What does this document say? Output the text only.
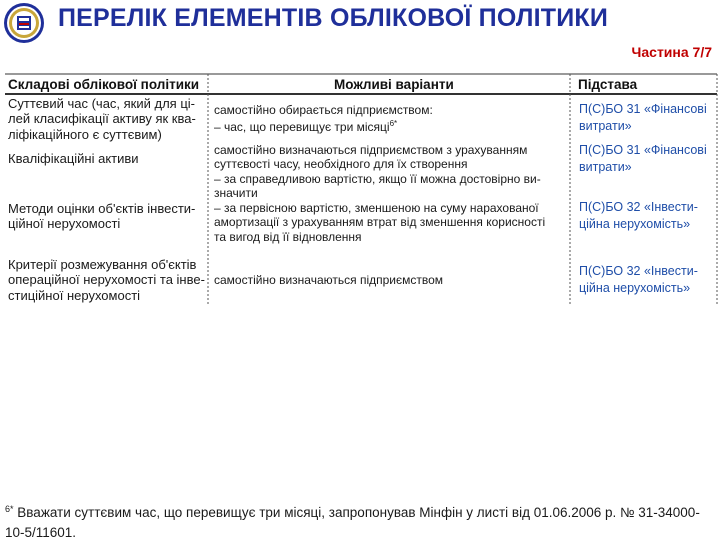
ПЕРЕЛІК ЕЛЕМЕНТІВ ОБЛІКОВОЇ ПОЛІТИКИ
Частина 7/7
Складові облікової політики	Можливі варіанти	Підстава
Суттєвий час (час, який для ці-
лей класифікації активу як ква-
ліфікаційного є суттєвим)
самостійно обирається підприємством:
– час, що перевищує три місяці$^{6*}$
П(С)БО 31 «Фінансові
витрати»
Кваліфікаційні активи
самостійно визначаються підприємством з урахуванням
суттєвості часу, необхідного для їх створення
П(С)БО 31 «Фінансові
витрати»
Методи оцінки об'єктів інвести-
ційної нерухомості
– за справедливою вартістю, якщо її можна достовірно ви-
значити
– за первісною вартістю, зменшеною на суму нарахованої
амортизації з урахуванням втрат від зменшення корисності
та вигод від її відновлення
П(С)БО 32 «Інвести-
ційна нерухомість»
Критерії розмежування об'єктів
операційної нерухомості та інве-
стиційної нерухомості
самостійно визначаються підприємством
П(С)БО 32 «Інвести-
ційна нерухомість»
$^{6*}$ Вважати суттєвим час, що перевищує три місяці, запропонував Мінфін у листі від 01.06.2006 р. № 31-34000-10-5/11601.
